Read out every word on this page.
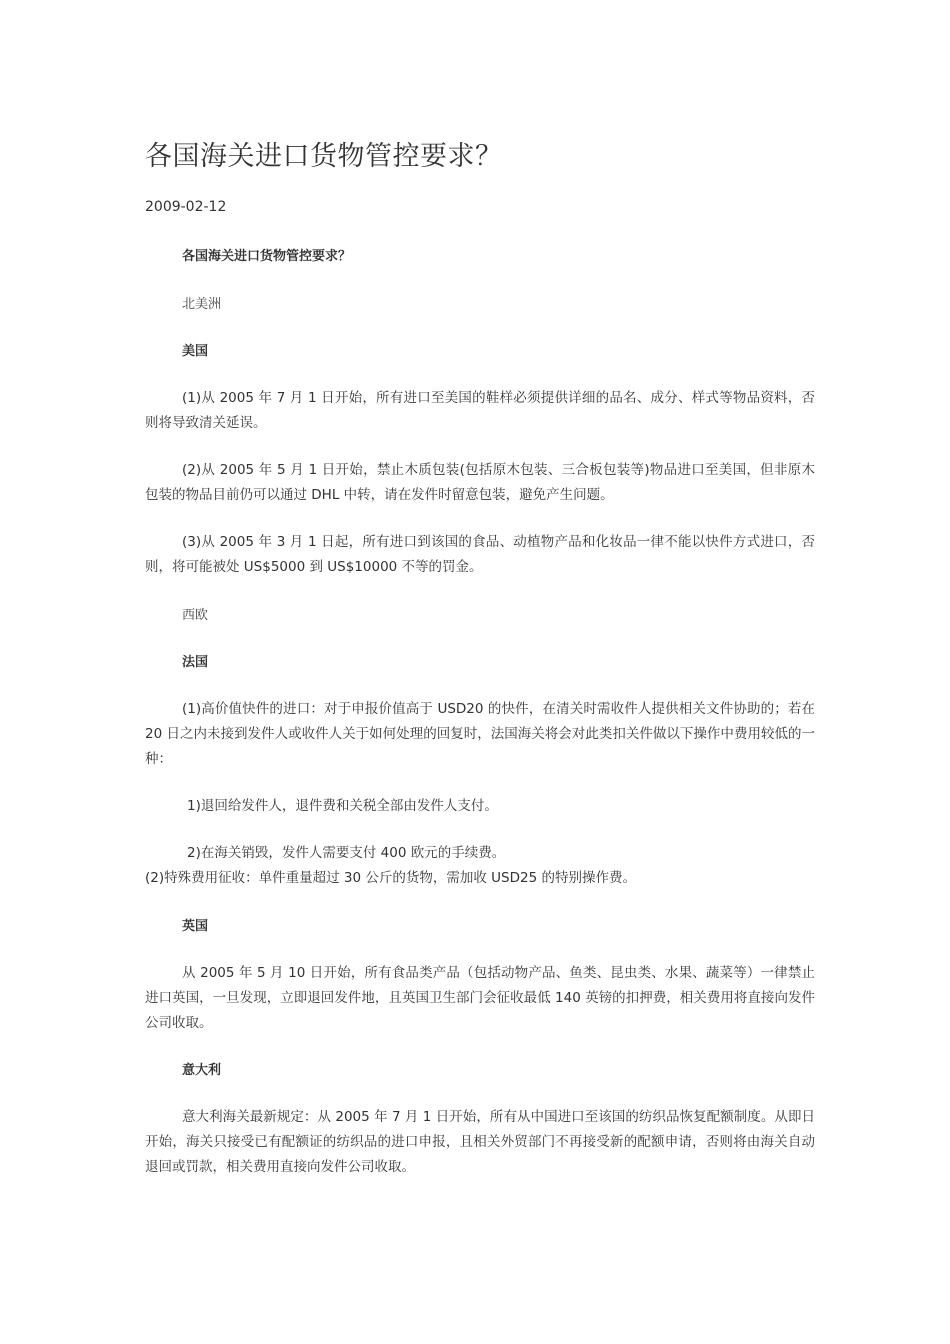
各国海关进口货物管控要求？
2009-02-12
各国海关进口货物管控要求？
北美洲
美国
(1)从 2005 年 7 月 1 日开始，所有进口至美国的鞋样必须提供详细的品名、成分、样式等物品资料，否则将导致清关延误。
(2)从 2005 年 5 月 1 日开始，禁止木质包装(包括原木包装、三合板包装等)物品进口至美国，但非原木包装的物品目前仍可以通过 DHL 中转，请在发件时留意包装，避免产生问题。
(3)从 2005 年 3 月 1 日起，所有进口到该国的食品、动植物产品和化妆品一律不能以快件方式进口，否则，将可能被处 US$5000 到 US$10000 不等的罚金。
西欧
法国
(1)高价值快件的进口：对于申报价值高于 USD20 的快件，在清关时需收件人提供相关文件协助的；若在 20 日之内未接到发件人或收件人关于如何处理的回复时，法国海关将会对此类扣关件做以下操作中费用较低的一种：
1)退回给发件人，退件费和关税全部由发件人支付。
2)在海关销毁，发件人需要支付 400 欧元的手续费。
(2)特殊费用征收：单件重量超过 30 公斤的货物，需加收 USD25 的特别操作费。
英国
从 2005 年 5 月 10 日开始，所有食品类产品（包括动物产品、鱼类、昆虫类、水果、蔬菜等）一律禁止进口英国，一旦发现，立即退回发件地，且英国卫生部门会征收最低 140 英镑的扣押费，相关费用将直接向发件公司收取。
意大利
意大利海关最新规定：从 2005 年 7 月 1 日开始，所有从中国进口至该国的纺织品恢复配额制度。从即日开始，海关只接受已有配额证的纺织品的进口申报，且相关外贸部门不再接受新的配额申请，否则将由海关自动退回或罚款，相关费用直接向发件公司收取。
